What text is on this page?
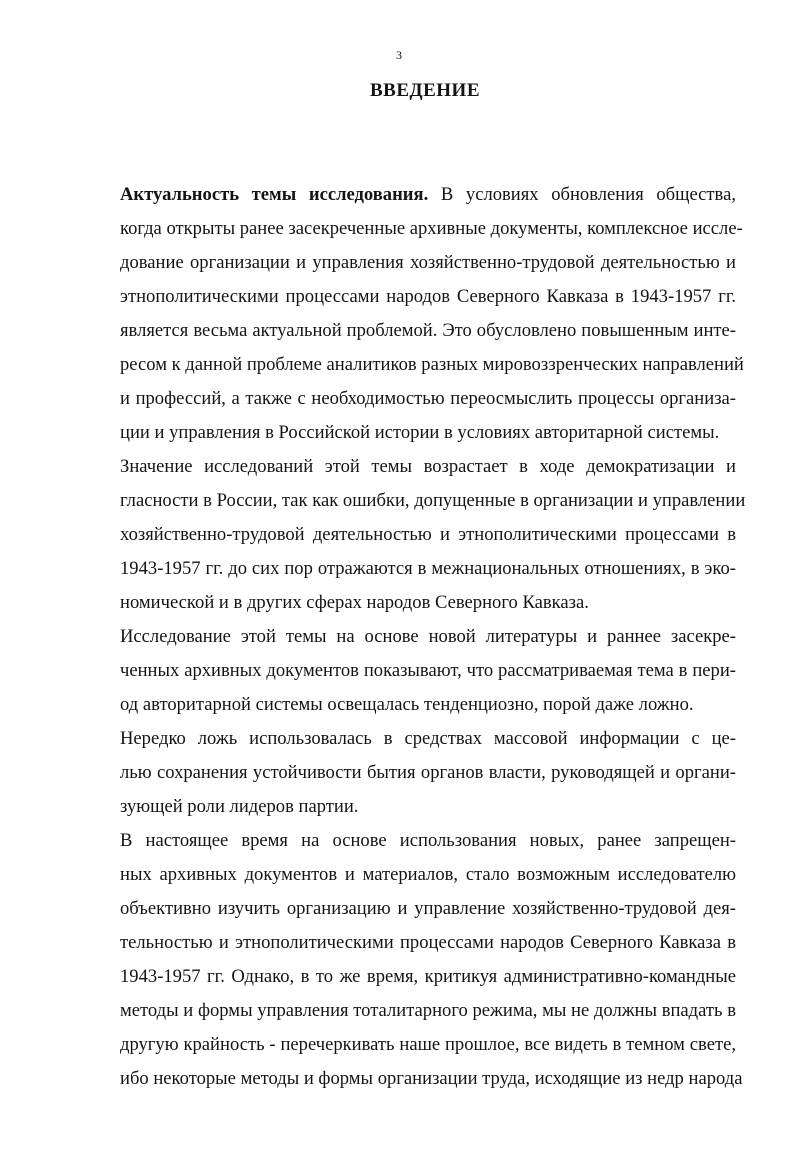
3
ВВЕДЕНИЕ
Актуальность темы исследования. В условиях обновления общества,
когда открыты ранее засекреченные архивные документы, комплексное иссле-
дование организации и управления хозяйственно-трудовой деятельностью и
этнополитическими процессами народов Северного Кавказа в 1943-1957 гг.
является весьма актуальной проблемой. Это обусловлено повышенным инте-
ресом к данной проблеме аналитиков разных мировоззренческих направлений
и профессий, а также с необходимостью переосмыслить процессы организа-
ции и управления в Российской истории в условиях авторитарной системы.
Значение исследований этой темы возрастает в ходе демократизации и
гласности в России, так как ошибки, допущенные в организации и управлении
хозяйственно-трудовой деятельностью и этнополитическими процессами в
1943-1957 гг. до сих пор отражаются в межнациональных отношениях, в эко-
номической и в других сферах народов Северного Кавказа.
Исследование этой темы на основе новой литературы и раннее засекре-
ченных архивных документов показывают, что рассматриваемая тема в пери-
од авторитарной системы освещалась тенденциозно, порой даже ложно.
Нередко ложь использовалась в средствах массовой информации с це-
лью сохранения устойчивости бытия органов власти, руководящей и органи-
зующей роли лидеров партии.
В настоящее время на основе использования новых, ранее запрещен-
ных архивных документов и материалов, стало возможным исследователю
объективно изучить организацию и управление хозяйственно-трудовой дея-
тельностью и этнополитическими процессами народов Северного Кавказа в
1943-1957 гг. Однако, в то же время, критикуя административно-командные
методы и формы управления тоталитарного режима, мы не должны впадать в
другую крайность - перечеркивать наше прошлое, все видеть в темном свете,
ибо некоторые методы и формы организации труда, исходящие из недр народа
